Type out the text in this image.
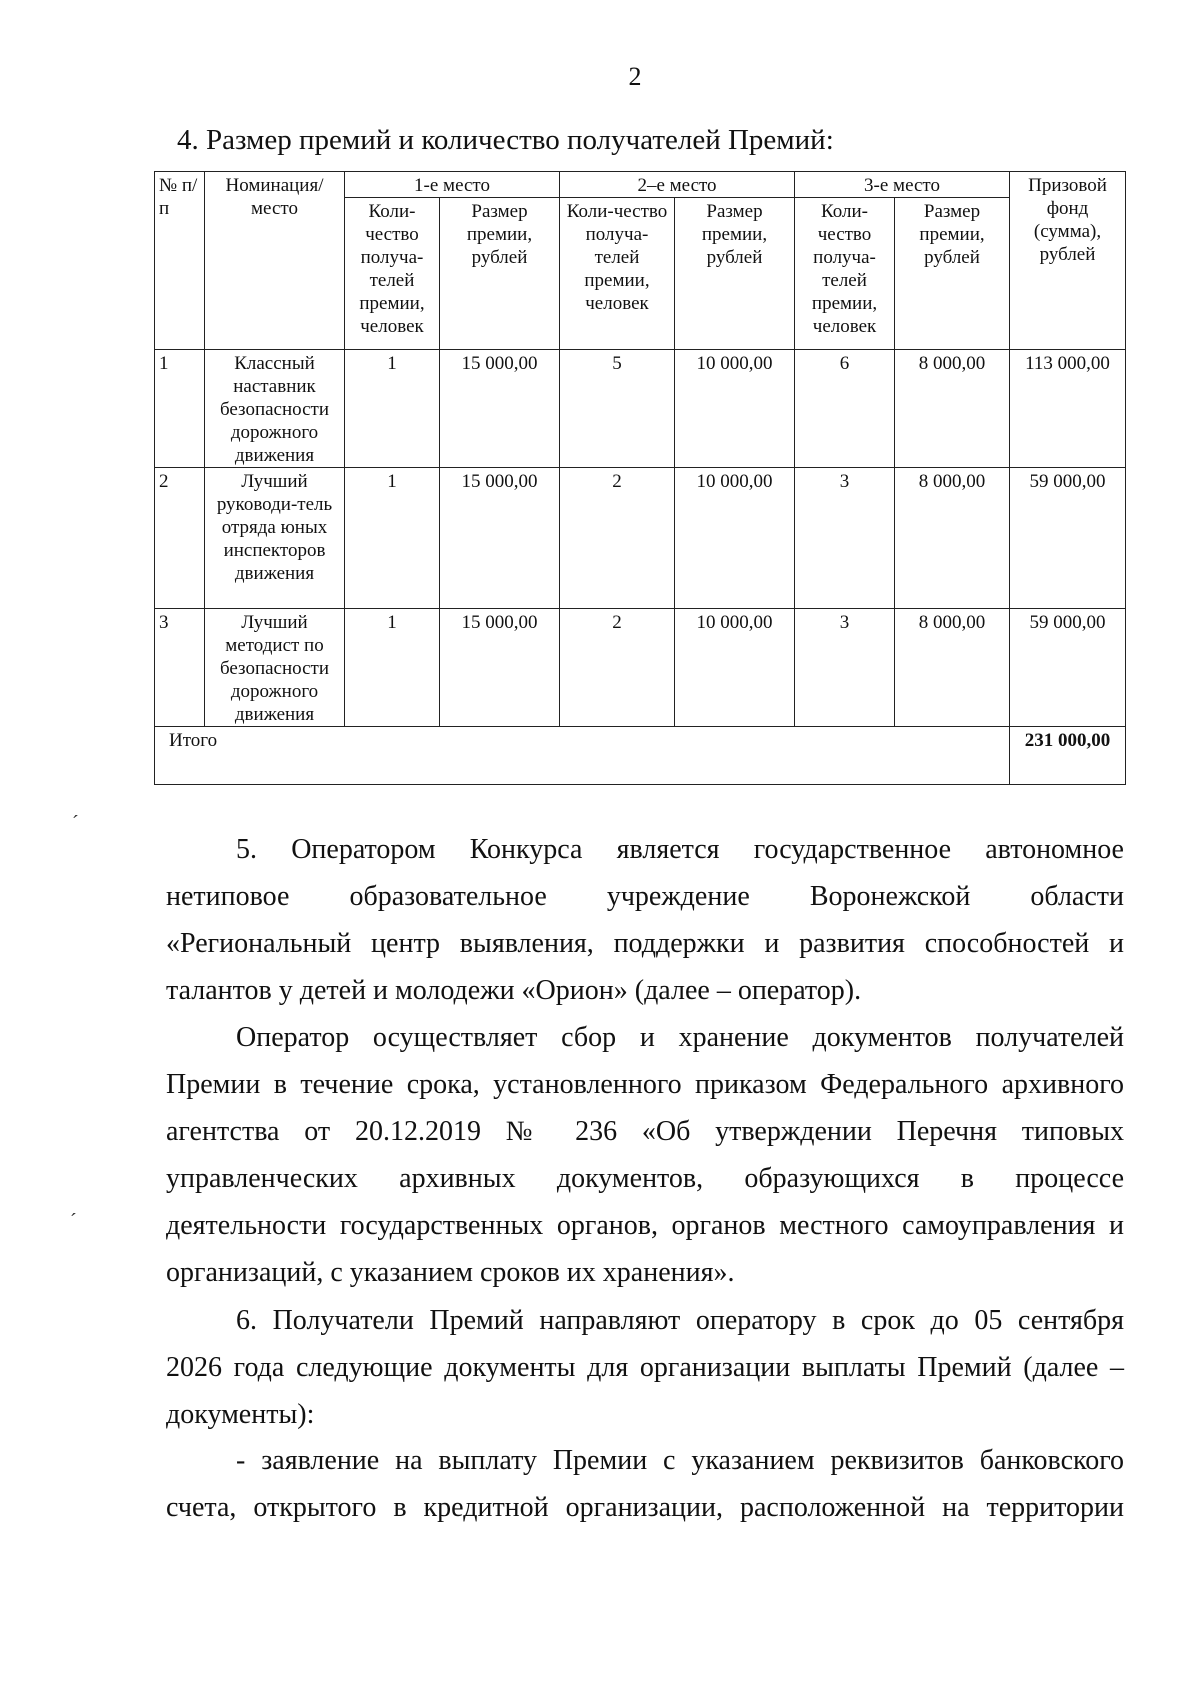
2
4. Размер премий и количество получателей Премий:
№ п/п	Номинация/ место	1-е место		2–е место		3-е место		Призовой фонд (сумма), рублей
		Коли-чество получа-телей премии, человек	Размер премии, рублей	Коли-чество получа-телей премии, человек	Размер премии, рублей	Коли-чество получа-телей премии, человек	Размер премии, рублей	
1	Классный наставник безопасности дорожного движения	1	15 000,00	5	10 000,00	6	8 000,00	113 000,00
2	Лучший руководи-тель отряда юных инспекторов движения	1	15 000,00	2	10 000,00	3	8 000,00	59 000,00
3	Лучший методист по безопасности дорожного движения	1	15 000,00	2	10 000,00	3	8 000,00	59 000,00
Итого								231 000,00
´
´
5. Оператором Конкурса является государственное автономное
нетиповое образовательное учреждение Воронежской области
«Региональный центр выявления, поддержки и развития способностей и
талантов у детей и молодежи «Орион» (далее – оператор).
Оператор осуществляет сбор и хранение документов получателей
Премии в течение срока, установленного приказом Федерального архивного
агентства от 20.12.2019 № 236 «Об утверждении Перечня типовых
управленческих архивных документов, образующихся в процессе
деятельности государственных органов, органов местного самоуправления и
организаций, с указанием сроков их хранения».
6. Получатели Премий направляют оператору в срок до 05 сентября
2026 года следующие документы для организации выплаты Премий (далее –
документы):
- заявление на выплату Премии с указанием реквизитов банковского
счета, открытого в кредитной организации, расположенной на территории
